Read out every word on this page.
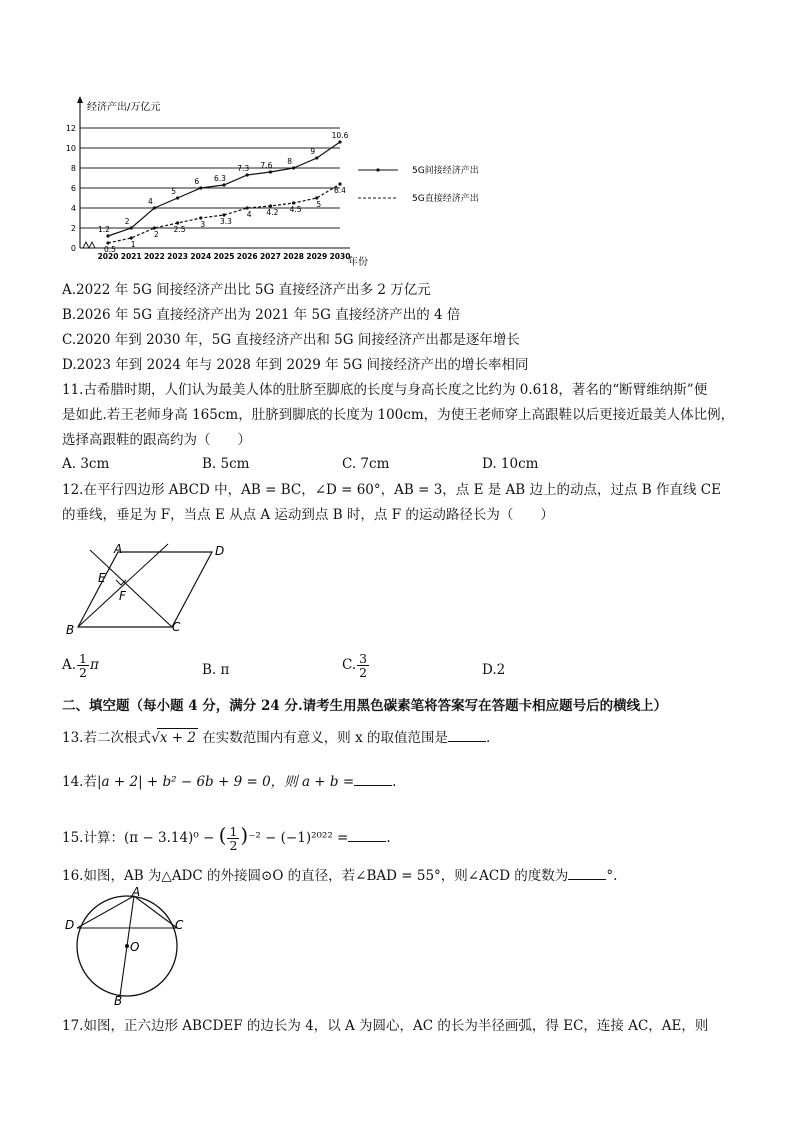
0
2
4
6
8
10
12
经济产出/万亿元
2020 2021 2022 2023 2024 2025 2026 2027 2028 2029 2030
年份
1.2
2
4
5
6 6.3
7.3 7.6 8
9
10.6
0.5
1
2
2.5
3 3.3
4 4.2 4.5
5
6.4
5G间接经济产出
5G直接经济产出
A.2022 年 5G 间接经济产出比 5G 直接经济产出多 2 万亿元
B.2026 年 5G 直接经济产出为 2021 年 5G 直接经济产出的 4 倍
C.2020 年到 2030 年，5G 直接经济产出和 5G 间接经济产出都是逐年增长
D.2023 年到 2024 年与 2028 年到 2029 年 5G 间接经济产出的增长率相同
11.古希腊时期，人们认为最美人体的肚脐至脚底的长度与身高长度之比约为 0.618，著名的“断臂维纳斯”便
是如此.若王老师身高 165cm，肚脐到脚底的长度为 100cm，为使王老师穿上高跟鞋以后更接近最美人体比例，
选择高跟鞋的跟高约为（　　）
A. 3cm	B. 5cm	C. 7cm	D. 10cm
12.在平行四边形 ABCD 中，AB = BC，∠D = 60°，AB = 3，点 E 是 AB 边上的动点，过点 B 作直线 CE
的垂线，垂足为 F，当点 E 从点 A 运动到点 B 时，点 F 的运动路径长为（　　）
A	D
B	C
E
F
A. $\frac{1}{2}$ π	B. π	C. $\frac{3}{2}$	D.2
二、填空题（每小题 4 分，满分 24 分.请考生用黑色碳素笔将答案写在答题卡相应题号后的横线上）
13.若二次根式 √x + 2 在实数范围内有意义，则 x 的取值范围是	.
14.若|a + 2| + b² − 6b + 9 = 0，则 a + b =	.
15.计算：(π − 3.14)⁰ − ( $\frac{1}{2} )^{-2} - (-1)^{2022}$ =	.
16.如图，AB 为△ADC 的外接圆⊙O 的直径，若∠BAD = 55°，则∠ACD 的度数为	°.
A
D	C
O
B
17.如图，正六边形 ABCDEF 的边长为 4，以 A 为圆心，AC 的长为半径画弧，得 EC，连接 AC，AE，则
